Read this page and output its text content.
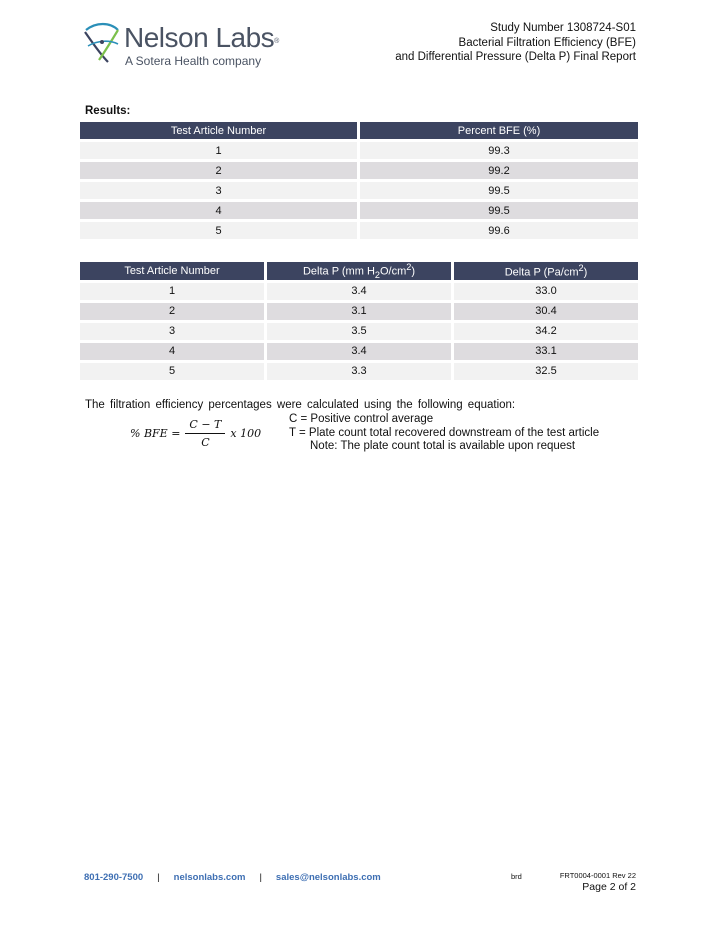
Nelson Labs®
A Sotera Health company
Study Number 1308724-S01
Bacterial Filtration Efficiency (BFE)
and Differential Pressure (Delta P) Final Report
Results:
Test Article Number	Percent BFE (%)
1	99.3
2	99.2
3	99.5
4	99.5
5	99.6
Test Article Number	Delta P (mm $H_2O/cm^2$)	Delta P $(Pa/cm^2)$
1	3.4	33.0
2	3.1	30.4
3	3.5	34.2
4	3.4	33.1
5	3.3	32.5
The filtration efficiency percentages were calculated using the following equation:
% BFE = $\frac{C - T}{C}$ x 100
C = Positive control average
T = Plate count total recovered downstream of the test article
Note: The plate count total is available upon request
801-290-7500 | nelsonlabs.com | sales@nelsonlabs.com	brd	FRT0004-0001 Rev 22
Page 2 of 2
